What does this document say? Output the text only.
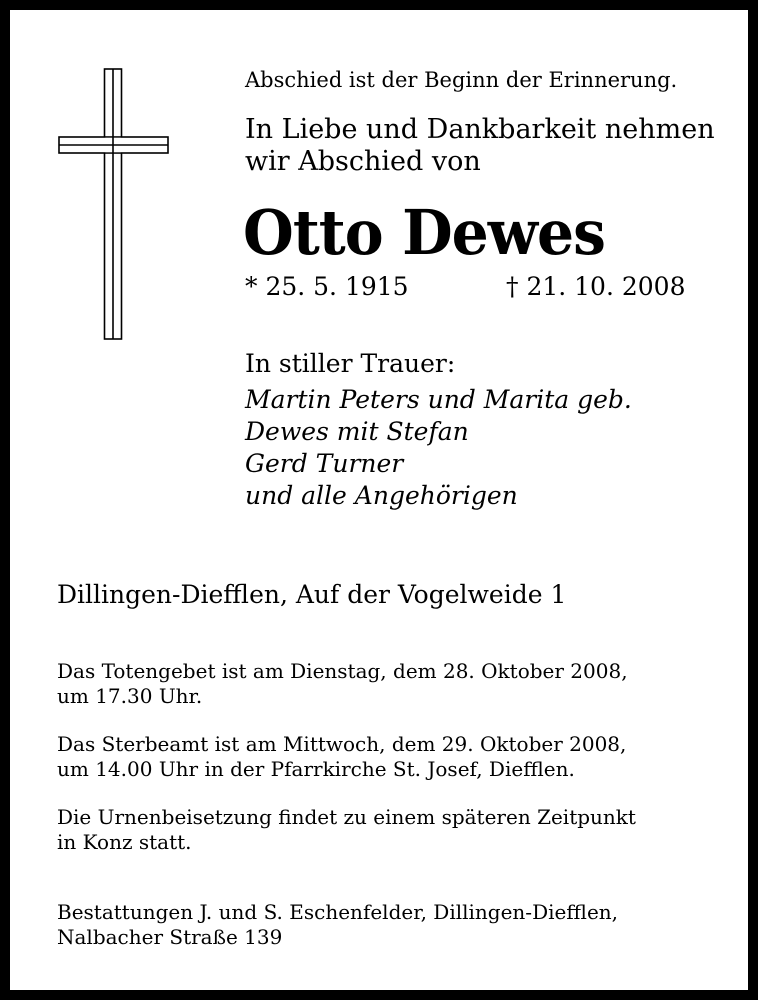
Abschied ist der Beginn der Erinnerung.

In Liebe und Dankbarkeit nehmen
wir Abschied von
Otto Dewes
* 25. 5. 1915	† 21. 10. 2008
In stiller Trauer:
Martin Peters und Marita geb.
Dewes mit Stefan
Gerd Turner
und alle Angehörigen
Dillingen-Diefflen, Auf der Vogelweide 1
Das Totengebet ist am Dienstag, dem 28. Oktober 2008,
um 17.30 Uhr.
Das Sterbeamt ist am Mittwoch, dem 29. Oktober 2008,
um 14.00 Uhr in der Pfarrkirche St. Josef, Diefflen.
Die Urnenbeisetzung findet zu einem späteren Zeitpunkt
in Konz statt.
Bestattungen J. und S. Eschenfelder, Dillingen-Diefflen,
Nalbacher Straße 139
